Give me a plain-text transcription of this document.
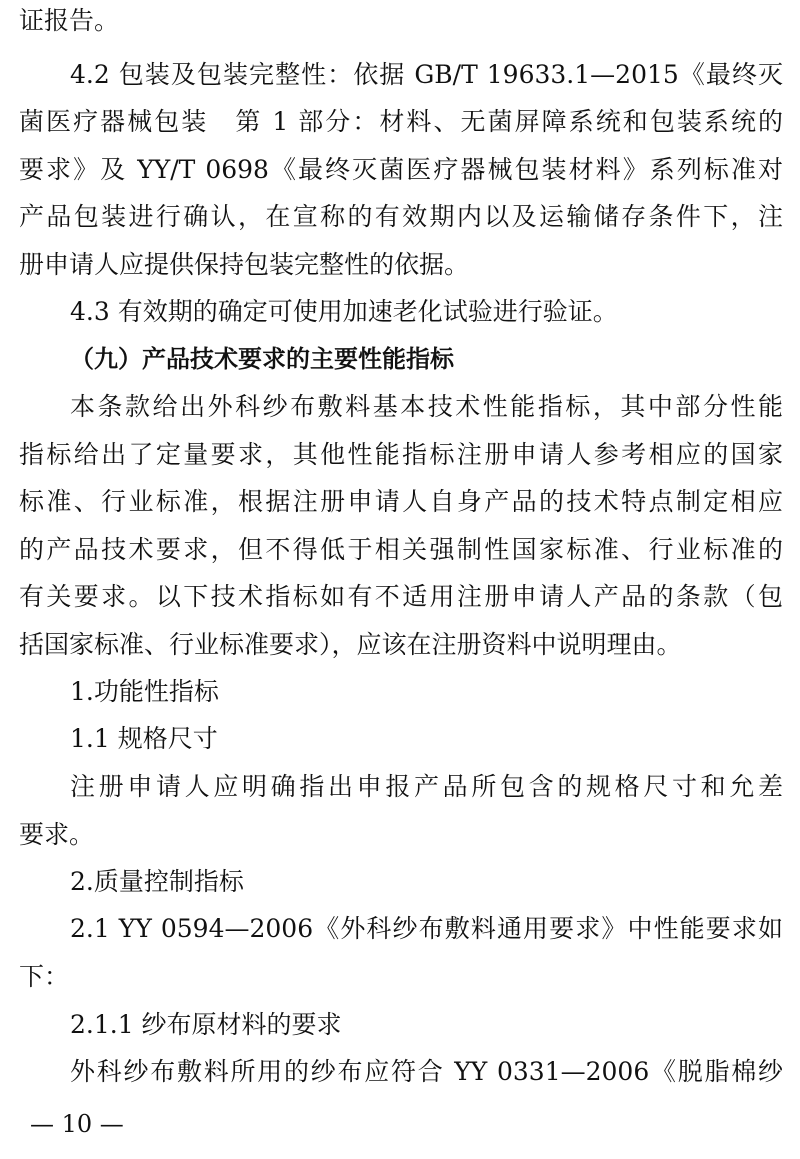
证报告。
4.2 包装及包装完整性：依据 GB/T 19633.1—2015《最终灭
菌医疗器械包装　第 1 部分：材料、无菌屏障系统和包装系统的
要求》及 YY/T 0698《最终灭菌医疗器械包装材料》系列标准对
产品包装进行确认，在宣称的有效期内以及运输储存条件下，注
册申请人应提供保持包装完整性的依据。
4.3 有效期的确定可使用加速老化试验进行验证。
（九）产品技术要求的主要性能指标
本条款给出外科纱布敷料基本技术性能指标，其中部分性能
指标给出了定量要求，其他性能指标注册申请人参考相应的国家
标准、行业标准，根据注册申请人自身产品的技术特点制定相应
的产品技术要求，但不得低于相关强制性国家标准、行业标准的
有关要求。以下技术指标如有不适用注册申请人产品的条款（包
括国家标准、行业标准要求），应该在注册资料中说明理由。
1.功能性指标
1.1 规格尺寸
注册申请人应明确指出申报产品所包含的规格尺寸和允差
要求。
2.质量控制指标
2.1 YY 0594—2006《外科纱布敷料通用要求》中性能要求如
下：
2.1.1 纱布原材料的要求
外科纱布敷料所用的纱布应符合 YY 0331—2006《脱脂棉纱
— 10 —
